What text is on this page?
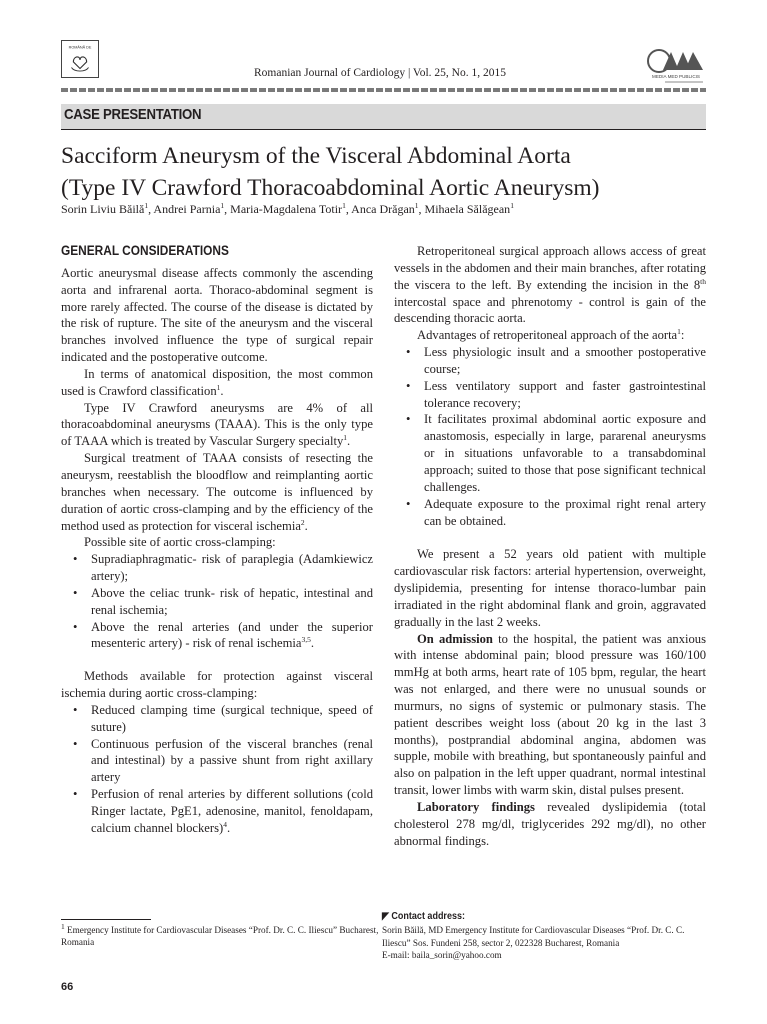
ROMÂNĂ DE
Romanian Journal of Cardiology | Vol. 25, No. 1, 2015	MEDIA MED PUBLICIS
CASE PRESENTATION
Sacciform Aneurysm of the Visceral Abdominal Aorta
(Type IV Crawford Thoracoabdominal Aortic Aneurysm)
Sorin Liviu Băilă$^1$, Andrei Parnia$^1$, Maria-Magdalena Totir$^1$, Anca Drăgan$^1$, Mihaela Sălăgean$^1$
GENERAL CONSIDERATIONS

Aortic aneurysmal disease affects commonly the ascending aorta and infrarenal aorta. Thoraco-abdominal segment is more rarely affected. The course of the disease is dictated by the risk of rupture. The site of the aneurysm and the visceral branches involved influence the type of surgical repair indicated and the postoperative outcome.

In terms of anatomical disposition, the most common used is Crawford classification$^1$.

Type IV Crawford aneurysms are 4% of all thoracoabdominal aneurysms (TAAA). This is the only type of TAAA which is treated by Vascular Surgery specialty$^1$.

Surgical treatment of TAAA consists of resecting the aneurysm, reestablish the bloodflow and reimplanting aortic branches when necessary. The outcome is influenced by duration of aortic cross-clamping and by the efficiency of the method used as protection for visceral ischemia$^2$.

Possible site of aortic cross-clamping:

• Supradiaphragmatic- risk of paraplegia (Adamkiewicz artery);
• Above the celiac trunk- risk of hepatic, intestinal and renal ischemia;
• Above the renal arteries (and under the superior mesenteric artery) - risk of renal ischemia$^{3,5}$.

Methods available for protection against visceral ischemia during aortic cross-clamping:

• Reduced clamping time (surgical technique, speed of suture)
• Continuous perfusion of the visceral branches (renal and intestinal) by a passive shunt from right axillary artery
• Perfusion of renal arteries by different sollutions (cold Ringer lactate, PgE1, adenosine, manitol, fenoldapam, calcium channel blockers)$^4$.

Retroperitoneal surgical approach allows access of great vessels in the abdomen and their main branches, after rotating the viscera to the left. By extending the incision in the 8th intercostal space and phrenotomy - control is gain of the descending thoracic aorta.

Advantages of retroperitoneal approach of the aorta$^1$:

• Less physiologic insult and a smoother postoperative course;
• Less ventilatory support and faster gastrointestinal tolerance recovery;
• It facilitates proximal abdominal aortic exposure and anastomosis, especially in large, pararenal aneurysms or in situations unfavorable to a transabdominal approach; suited to those that pose significant technical challenges.
• Adequate exposure to the proximal right renal artery can be obtained.

We present a 52 years old patient with multiple cardiovascular risk factors: arterial hypertension, overweight, dyslipidemia, presenting for intense thoraco-lumbar pain irradiated in the right abdominal flank and groin, aggravated gradually in the last 2 weeks.

On admission to the hospital, the patient was anxious with intense abdominal pain; blood pressure was 160/100 mmHg at both arms, heart rate of 105 bpm, regular, the heart was not enlarged, and there were no unusual sounds or murmurs, no signs of systemic or pulmonary stasis. The patient describes weight loss (about 20 kg in the last 3 months), postprandial abdominal angina, abdomen was supple, mobile with breathing, but spontaneously painful and also on palpation in the left upper quadrant, normal intestinal transit, lower limbs with warm skin, distal pulses present.

Laboratory findings revealed dyslipidemia (total cholesterol 278 mg/dl, triglycerides 292 mg/dl), no other abnormal findings.

$^1$ Emergency Institute for Cardiovascular Diseases “Prof. Dr. C. C. Iliescu” Bucharest, Romania
◤ Contact address:
Sorin Băilă, MD Emergency Institute for Cardiovascular Diseases “Prof. Dr. C. C. Iliescu” Sos. Fundeni 258, sector 2, 022328 Bucharest, Romania
E-mail: baila_sorin@yahoo.com
66
